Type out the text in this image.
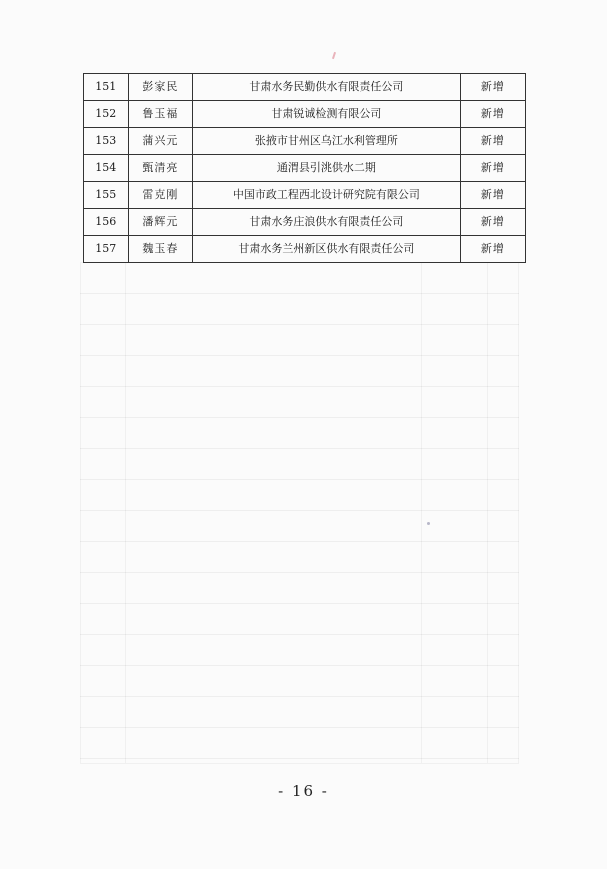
151	彭家民	甘肃水务民勤供水有限责任公司	新增
152	鲁玉福	甘肃锐诚检测有限公司	新增
153	蒲兴元	张掖市甘州区乌江水利管理所	新增
154	甄清亮	通渭县引洮供水二期	新增
155	雷克刚	中国市政工程西北设计研究院有限公司	新增
156	潘辉元	甘肃水务庄浪供水有限责任公司	新增
157	魏玉春	甘肃水务兰州新区供水有限责任公司	新增
- 16 -
